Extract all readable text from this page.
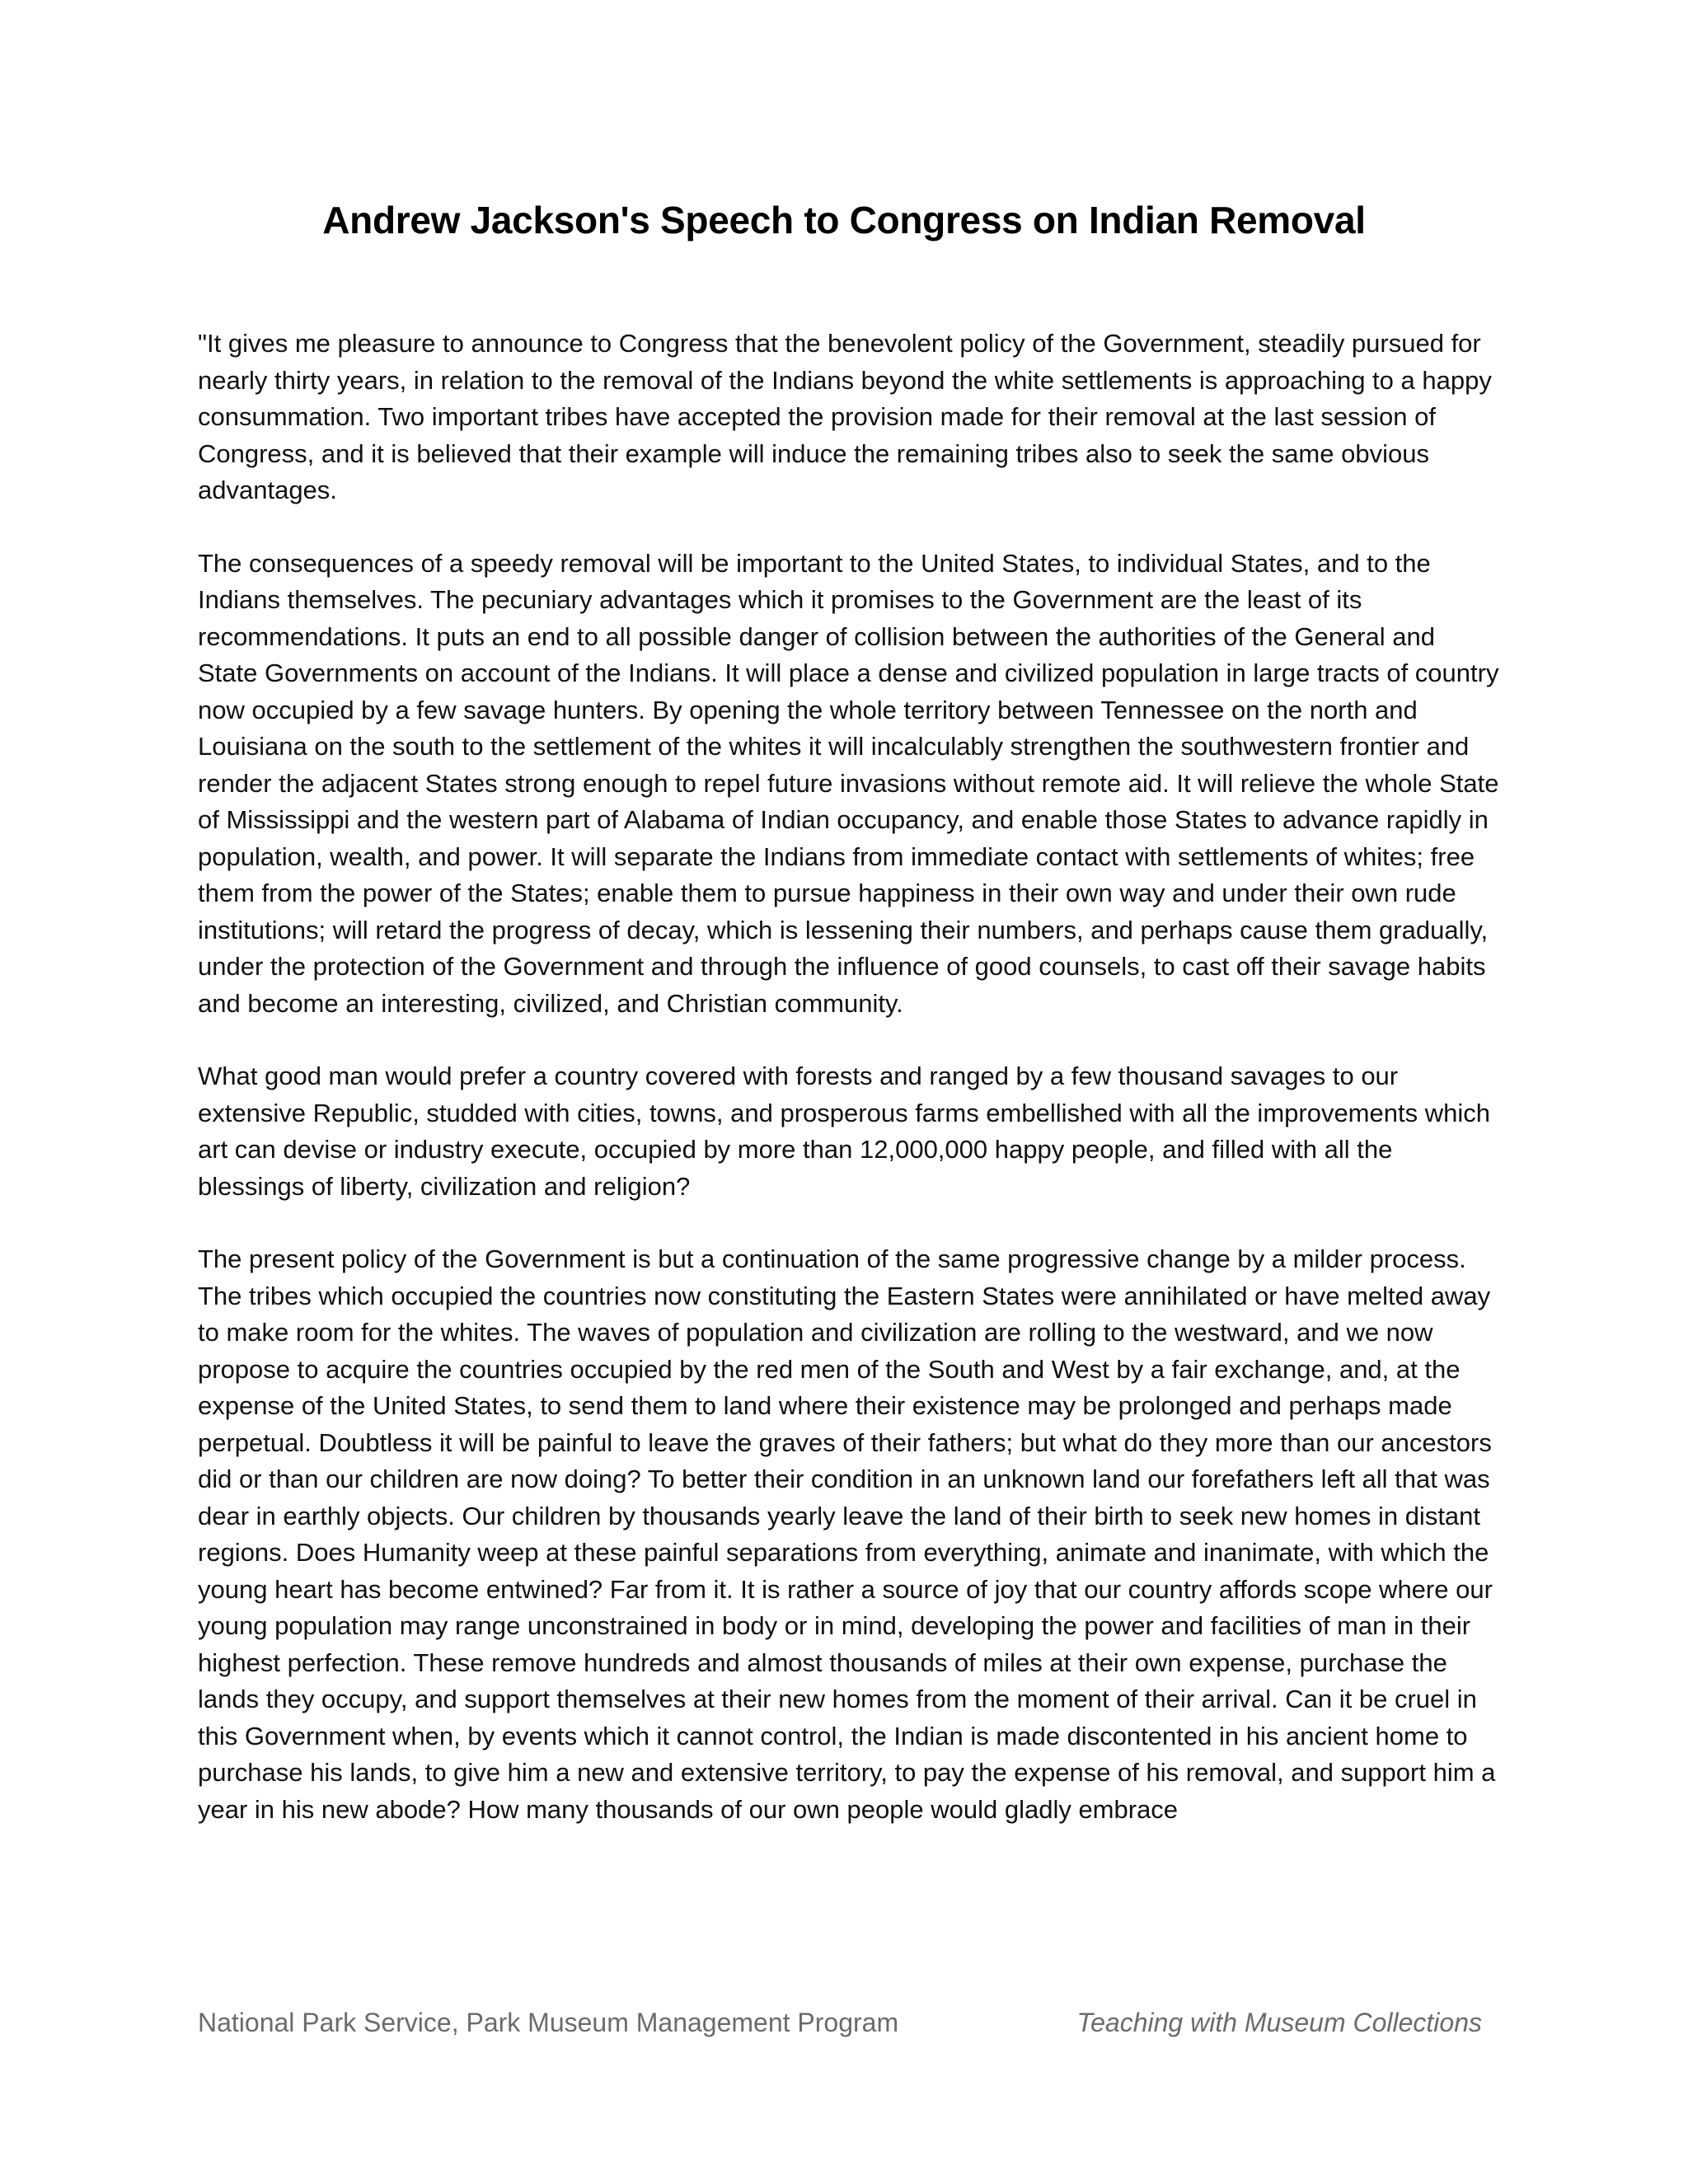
Andrew Jackson's Speech to Congress on Indian Removal

"It gives me pleasure to announce to Congress that the benevolent policy of the Government, steadily pursued for nearly thirty years, in relation to the removal of the Indians beyond the white settlements is approaching to a happy consummation. Two important tribes have accepted the provision made for their removal at the last session of Congress, and it is believed that their example will induce the remaining tribes also to seek the same obvious advantages.

The consequences of a speedy removal will be important to the United States, to individual States, and to the Indians themselves. The pecuniary advantages which it promises to the Government are the least of its recommendations. It puts an end to all possible danger of collision between the authorities of the General and State Governments on account of the Indians. It will place a dense and civilized population in large tracts of country now occupied by a few savage hunters. By opening the whole territory between Tennessee on the north and Louisiana on the south to the settlement of the whites it will incalculably strengthen the southwestern frontier and render the adjacent States strong enough to repel future invasions without remote aid. It will relieve the whole State of Mississippi and the western part of Alabama of Indian occupancy, and enable those States to advance rapidly in population, wealth, and power. It will separate the Indians from immediate contact with settlements of whites; free them from the power of the States; enable them to pursue happiness in their own way and under their own rude institutions; will retard the progress of decay, which is lessening their numbers, and perhaps cause them gradually, under the protection of the Government and through the influence of good counsels, to cast off their savage habits and become an interesting, civilized, and Christian community.

What good man would prefer a country covered with forests and ranged by a few thousand savages to our extensive Republic, studded with cities, towns, and prosperous farms embellished with all the improvements which art can devise or industry execute, occupied by more than 12,000,000 happy people, and filled with all the blessings of liberty, civilization and religion?

The present policy of the Government is but a continuation of the same progressive change by a milder process. The tribes which occupied the countries now constituting the Eastern States were annihilated or have melted away to make room for the whites. The waves of population and civilization are rolling to the westward, and we now propose to acquire the countries occupied by the red men of the South and West by a fair exchange, and, at the expense of the United States, to send them to land where their existence may be prolonged and perhaps made perpetual. Doubtless it will be painful to leave the graves of their fathers; but what do they more than our ancestors did or than our children are now doing? To better their condition in an unknown land our forefathers left all that was dear in earthly objects. Our children by thousands yearly leave the land of their birth to seek new homes in distant regions. Does Humanity weep at these painful separations from everything, animate and inanimate, with which the young heart has become entwined? Far from it. It is rather a source of joy that our country affords scope where our young population may range unconstrained in body or in mind, developing the power and facilities of man in their highest perfection. These remove hundreds and almost thousands of miles at their own expense, purchase the lands they occupy, and support themselves at their new homes from the moment of their arrival. Can it be cruel in this Government when, by events which it cannot control, the Indian is made discontented in his ancient home to purchase his lands, to give him a new and extensive territory, to pay the expense of his removal, and support him a year in his new abode? How many thousands of our own people would gladly embrace

National Park Service, Park Museum Management Program	Teaching with Museum Collections
